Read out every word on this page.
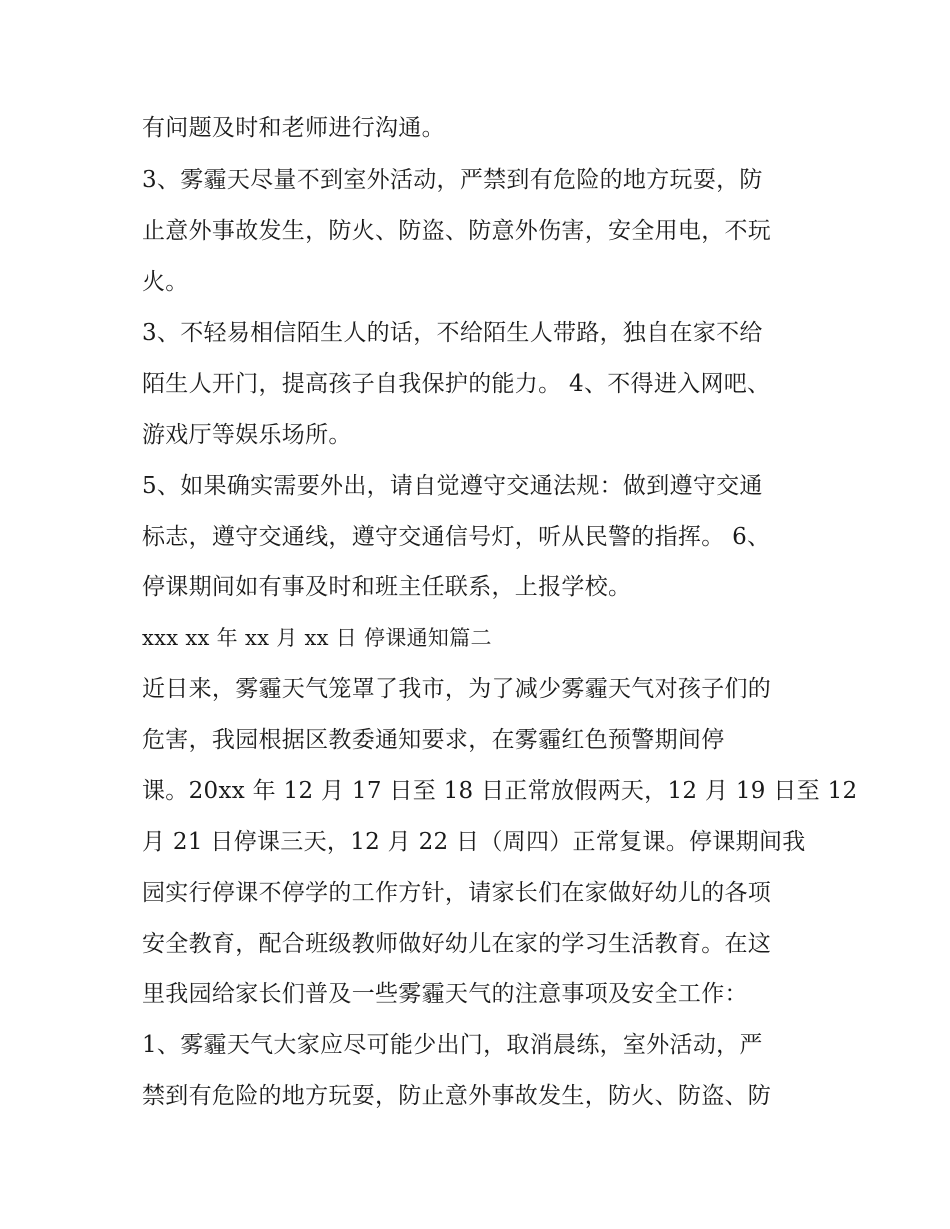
有问题及时和老师进行沟通。
3、雾霾天尽量不到室外活动，严禁到有危险的地方玩耍，防
止意外事故发生，防火、防盗、防意外伤害，安全用电，不玩
火。
3、不轻易相信陌生人的话，不给陌生人带路，独自在家不给
陌生人开门，提高孩子自我保护的能力。 4、不得进入网吧、
游戏厅等娱乐场所。
5、如果确实需要外出，请自觉遵守交通法规：做到遵守交通
标志，遵守交通线，遵守交通信号灯，听从民警的指挥。 6、
停课期间如有事及时和班主任联系，上报学校。
xxx xx 年 xx 月 xx 日 停课通知篇二
近日来，雾霾天气笼罩了我市，为了减少雾霾天气对孩子们的
危害，我园根据区教委通知要求，在雾霾红色预警期间停
课。20xx 年 12 月 17 日至 18 日正常放假两天，12 月 19 日至 12
月 21 日停课三天，12 月 22 日（周四）正常复课。停课期间我
园实行停课不停学的工作方针，请家长们在家做好幼儿的各项
安全教育，配合班级教师做好幼儿在家的学习生活教育。在这
里我园给家长们普及一些雾霾天气的注意事项及安全工作：
1、雾霾天气大家应尽可能少出门，取消晨练，室外活动，严
禁到有危险的地方玩耍，防止意外事故发生，防火、防盗、防
